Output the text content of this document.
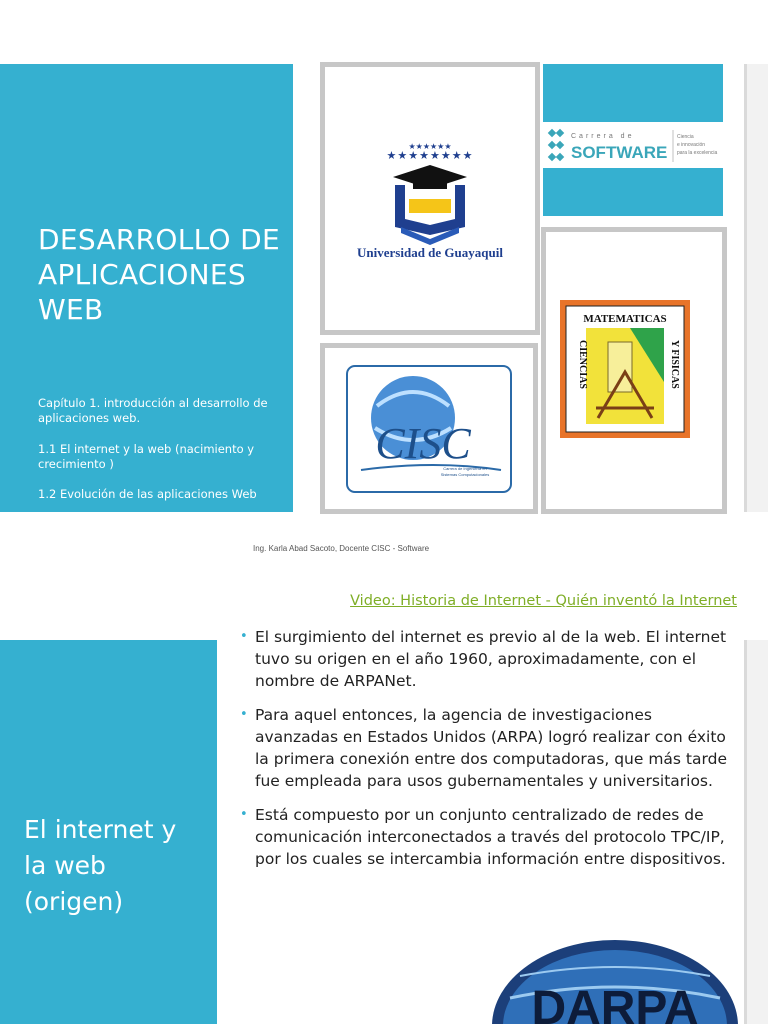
DESARROLLO DE APLICACIONES WEB
Capítulo 1. introducción al desarrollo de aplicaciones web.
1.1 El internet y la web (nacimiento y crecimiento )
1.2 Evolución de las aplicaciones Web
★★★★★★★★
★★★★★★
Universidad de Guayaquil
Carrera de
SOFTWARE
Ciencia
e innovación
para la excelencia
MATEMATICAS
CIENCIAS	Y FISICAS
CISC
Carrera de Ingeniería en
Sistemas Computacionales
Ing. Karla Abad Sacoto, Docente CISC - Software
Video: Historia de Internet - Quién inventó la Internet
El internet y la web (origen)
• El surgimiento del internet es previo al de la web. El internet tuvo su origen en el año 1960, aproximadamente, con el nombre de ARPANet.
• Para aquel entonces, la agencia de investigaciones avanzadas en Estados Unidos (ARPA) logró realizar con éxito la primera conexión entre dos computadoras, que más tarde fue empleada para usos gubernamentales y universitarios.
• Está compuesto por un conjunto centralizado de redes de comunicación interconectados a través del protocolo TPC/IP, por los cuales se intercambia información entre dispositivos.
DARPA
